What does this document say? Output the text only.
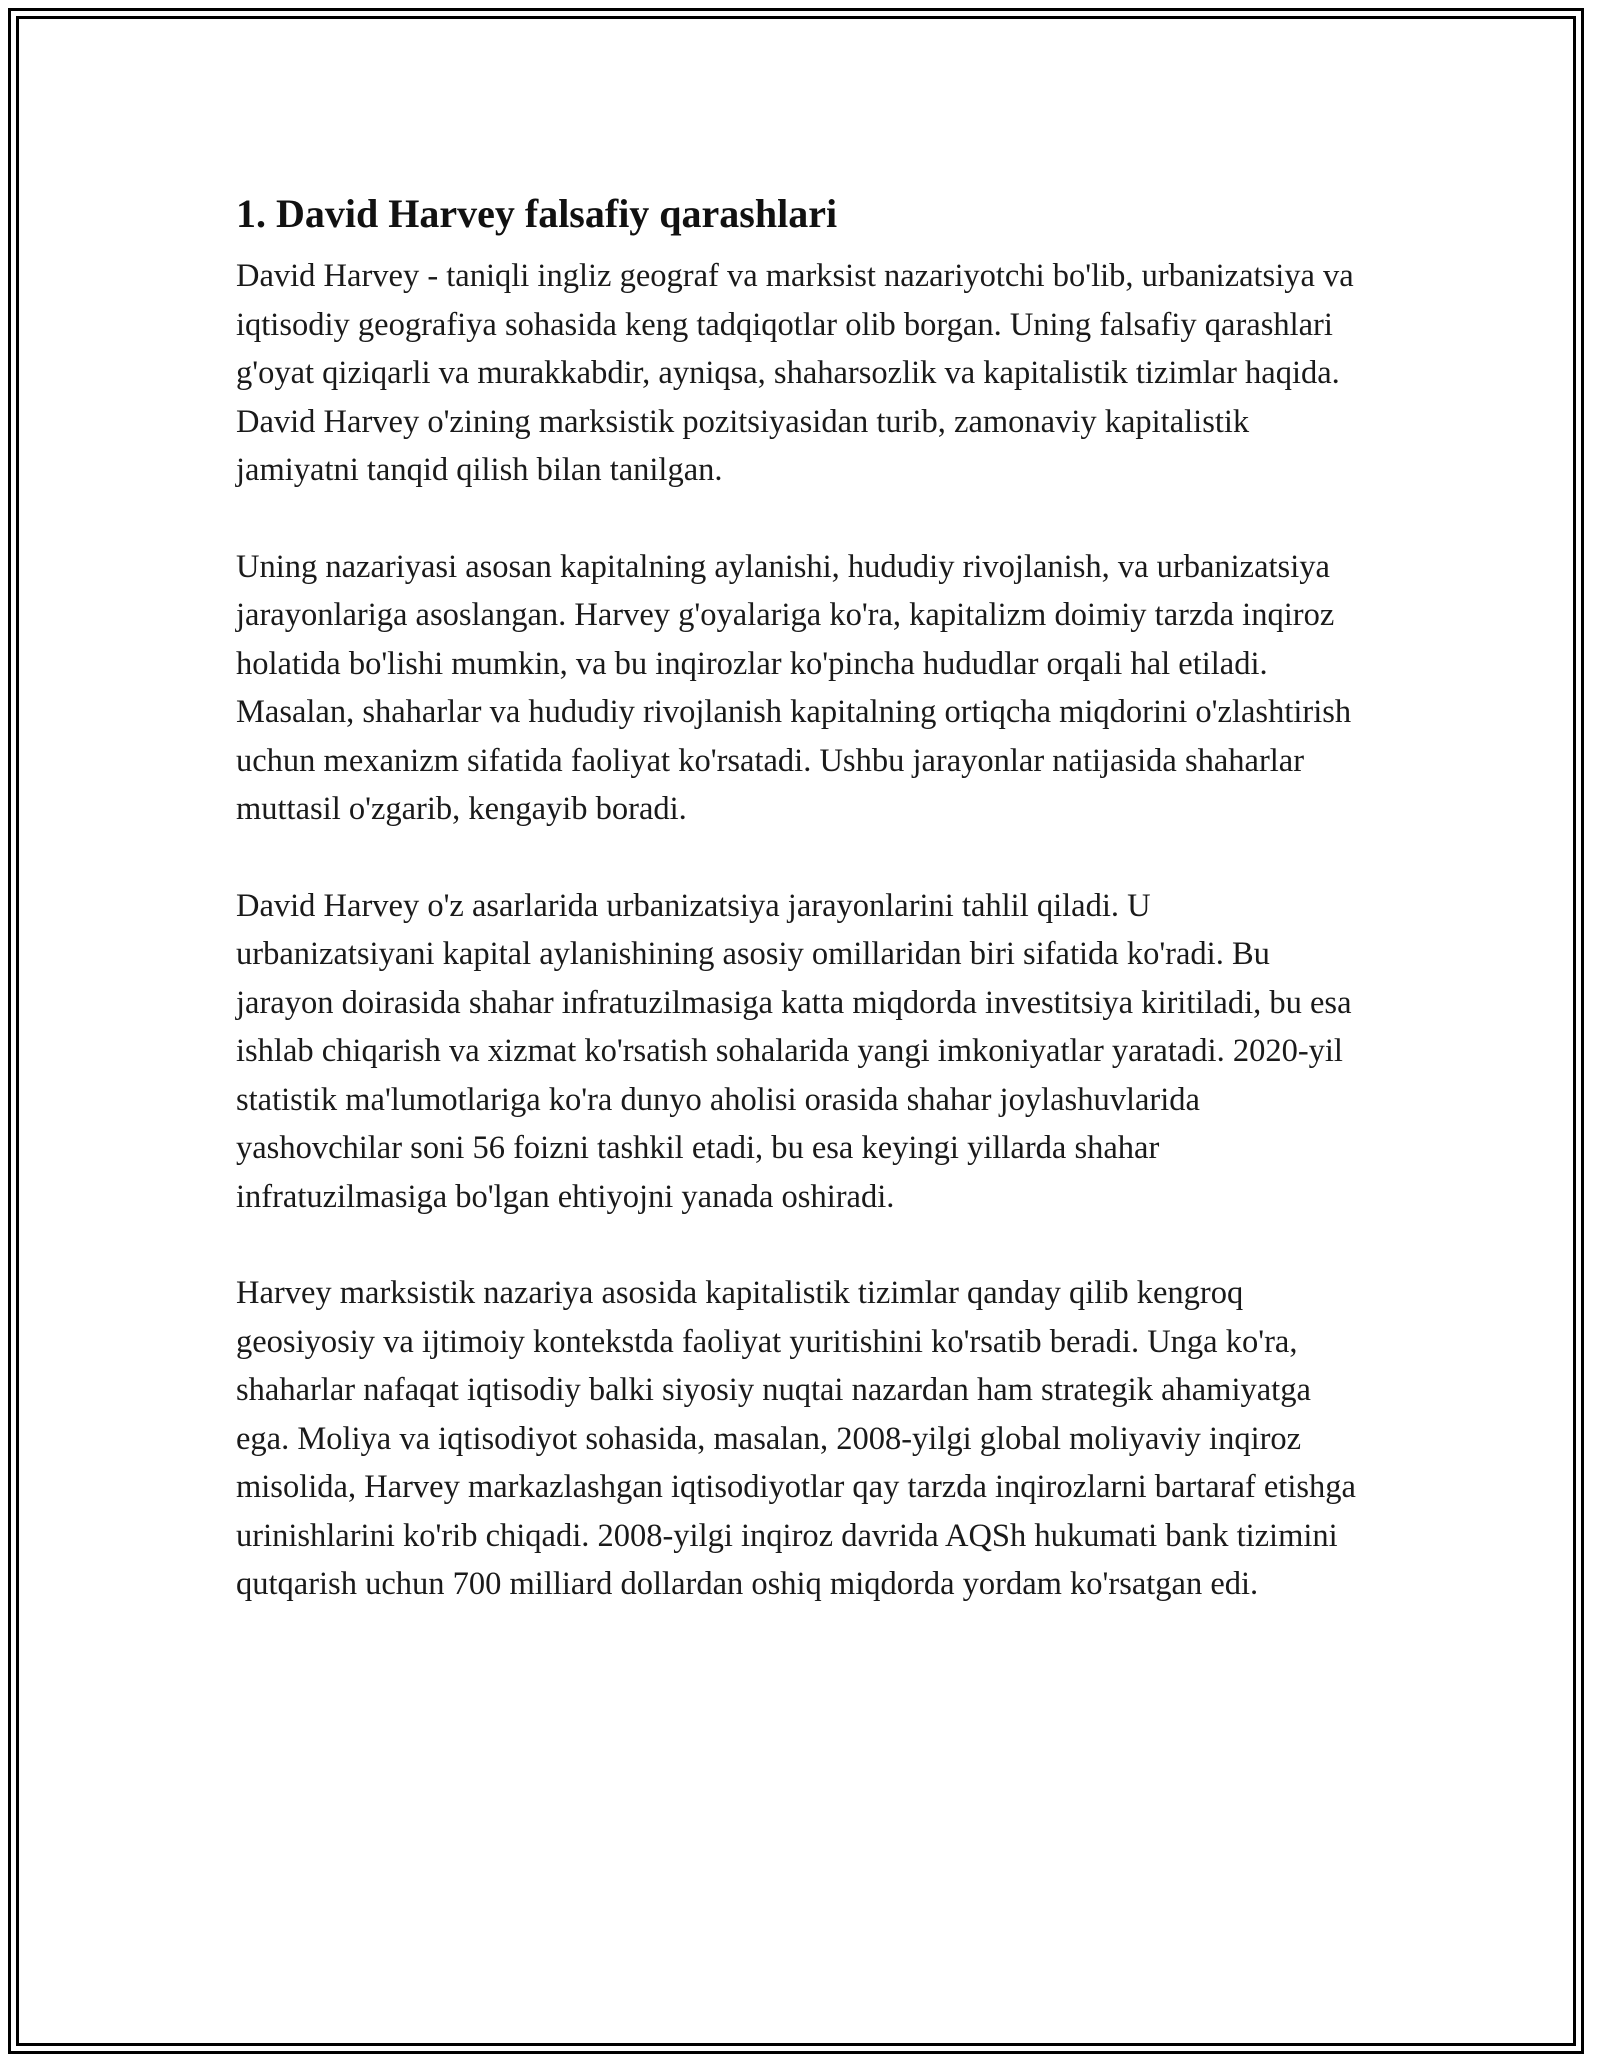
1. David Harvey falsafiy qarashlari

David Harvey - taniqli ingliz geograf va marksist nazariyotchi bo'lib, urbanizatsiya va iqtisodiy geografiya sohasida keng tadqiqotlar olib borgan. Uning falsafiy qarashlari g'oyat qiziqarli va murakkabdir, ayniqsa, shaharsozlik va kapitalistik tizimlar haqida. David Harvey o'zining marksistik pozitsiyasidan turib, zamonaviy kapitalistik jamiyatni tanqid qilish bilan tanilgan.

Uning nazariyasi asosan kapitalning aylanishi, hududiy rivojlanish, va urbanizatsiya jarayonlariga asoslangan. Harvey g'oyalariga ko'ra, kapitalizm doimiy tarzda inqiroz holatida bo'lishi mumkin, va bu inqirozlar ko'pincha hududlar orqali hal etiladi. Masalan, shaharlar va hududiy rivojlanish kapitalning ortiqcha miqdorini o'zlashtirish uchun mexanizm sifatida faoliyat ko'rsatadi. Ushbu jarayonlar natijasida shaharlar muttasil o'zgarib, kengayib boradi.

David Harvey o'z asarlarida urbanizatsiya jarayonlarini tahlil qiladi. U urbanizatsiyani kapital aylanishining asosiy omillaridan biri sifatida ko'radi. Bu jarayon doirasida shahar infratuzilmasiga katta miqdorda investitsiya kiritiladi, bu esa ishlab chiqarish va xizmat ko'rsatish sohalarida yangi imkoniyatlar yaratadi. 2020-yil statistik ma'lumotlariga ko'ra dunyo aholisi orasida shahar joylashuvlarida yashovchilar soni 56 foizni tashkil etadi, bu esa keyingi yillarda shahar infratuzilmasiga bo'lgan ehtiyojni yanada oshiradi.

Harvey marksistik nazariya asosida kapitalistik tizimlar qanday qilib kengroq geosiyosiy va ijtimoiy kontekstda faoliyat yuritishini ko'rsatib beradi. Unga ko'ra, shaharlar nafaqat iqtisodiy balki siyosiy nuqtai nazardan ham strategik ahamiyatga ega. Moliya va iqtisodiyot sohasida, masalan, 2008-yilgi global moliyaviy inqiroz misolida, Harvey markazlashgan iqtisodiyotlar qay tarzda inqirozlarni bartaraf etishga urinishlarini ko'rib chiqadi. 2008-yilgi inqiroz davrida AQSh hukumati bank tizimini qutqarish uchun 700 milliard dollardan oshiq miqdorda yordam ko'rsatgan edi.
